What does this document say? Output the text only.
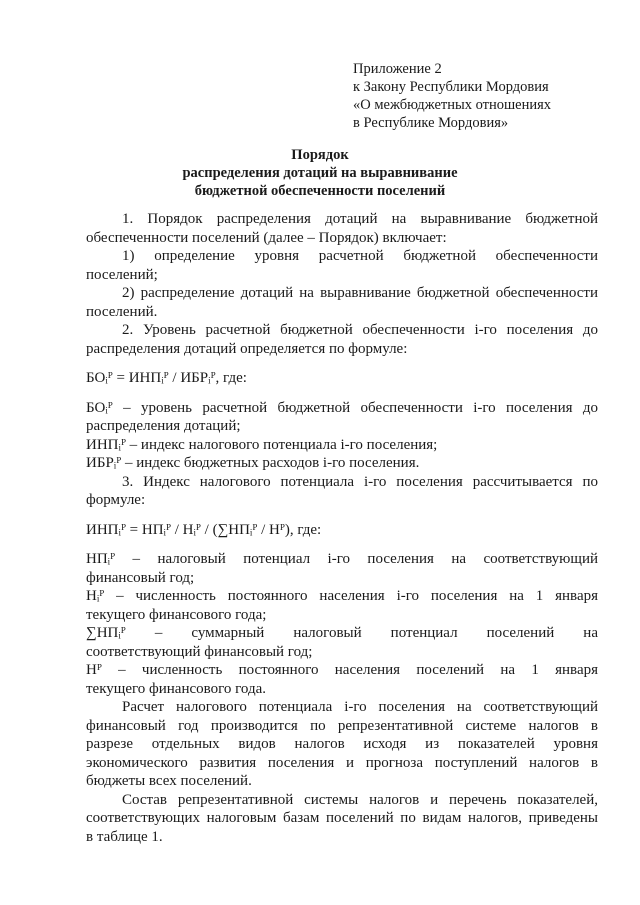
Приложение 2
к Закону Республики Мордовия
«О межбюджетных отношениях
в Республике Мордовия»
Порядок
распределения дотаций на выравнивание
бюджетной обеспеченности поселений

1. Порядок распределения дотаций на выравнивание бюджетной

обеспеченности поселений (далее – Порядок) включает:

1) определение уровня расчетной бюджетной обеспеченности

поселений;

2) распределение дотаций на выравнивание бюджетной обеспеченности

поселений.

2. Уровень расчетной бюджетной обеспеченности i-го поселения до

распределения дотаций определяется по формуле:

БОᵢᴾ = ИНПᵢᴾ / ИБРᵢᴾ, где:

БОᵢᴾ – уровень расчетной бюджетной обеспеченности i-го поселения до

распределения дотаций;

ИНПᵢᴾ – индекс налогового потенциала i-го поселения;

ИБРᵢᴾ – индекс бюджетных расходов i-го поселения.

3. Индекс налогового потенциала i-го поселения рассчитывается по

формуле:

ИНПᵢᴾ = НПᵢᴾ / Нᵢᴾ / (∑НПᵢᴾ / Нᴾ), где:

НПᵢᴾ – налоговый потенциал i-го поселения на соответствующий

финансовый год;

Нᵢᴾ – численность постоянного населения i-го поселения на 1 января

текущего финансового года;

∑НПᵢᴾ – суммарный налоговый потенциал поселений на

соответствующий финансовый год;

Нᴾ – численность постоянного населения поселений на 1 января

текущего финансового года.

Расчет налогового потенциала i-го поселения на соответствующий

финансовый год производится по репрезентативной системе налогов в

разрезе отдельных видов налогов исходя из показателей уровня

экономического развития поселения и прогноза поступлений налогов в

бюджеты всех поселений.

Состав репрезентативной системы налогов и перечень показателей,

соответствующих налоговым базам поселений по видам налогов, приведены

в таблице 1.
